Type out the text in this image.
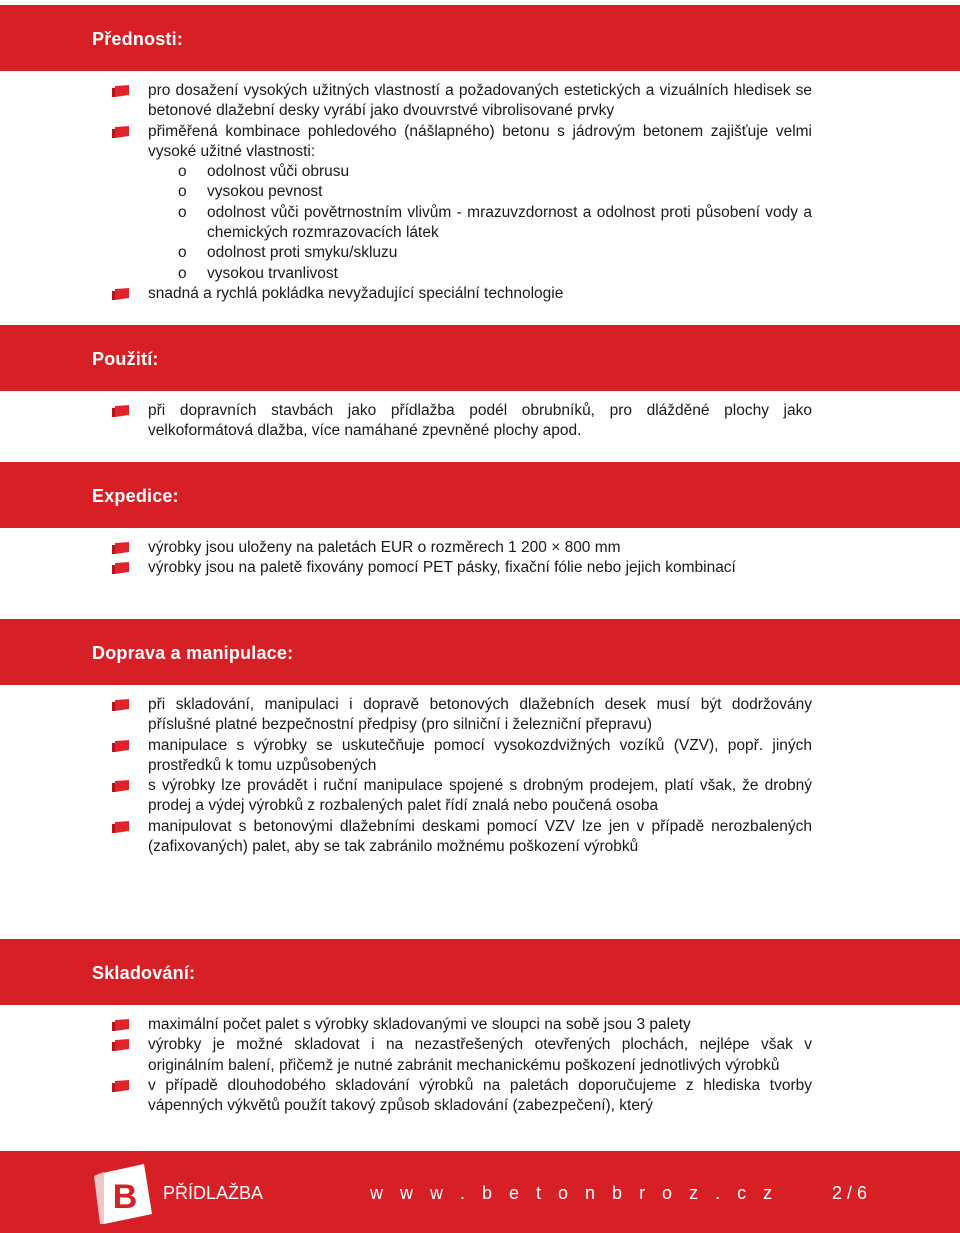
Přednosti:

pro dosažení vysokých užitných vlastností a požadovaných estetických a vizuálních hledisek se betonové dlažební desky vyrábí jako dvouvrstvé vibrolisované prvky

přiměřená kombinace pohledového (nášlapného) betonu s jádrovým betonem zajišťuje velmi vysoké užitné vlastnosti:

o odolnost vůči obrusu
o vysokou pevnost
o odolnost vůči povětrnostním vlivům - mrazuvzdornost a odolnost proti působení vody a chemických rozmrazovacích látek
o odolnost proti smyku/skluzu
o vysokou trvanlivost

snadná a rychlá pokládka nevyžadující speciální technologie

Použití:

při dopravních stavbách jako přídlažba podél obrubníků, pro dlážděné plochy jako velkoformátová dlažba, více namáhané zpevněné plochy apod.

Expedice:

výrobky jsou uloženy na paletách EUR o rozměrech 1 200 × 800 mm

výrobky jsou na paletě fixovány pomocí PET pásky, fixační fólie nebo jejich kombinací

Doprava a manipulace:

při skladování, manipulaci i dopravě betonových dlažebních desek musí být dodržovány příslušné platné bezpečnostní předpisy (pro silniční i železniční přepravu)

manipulace s výrobky se uskutečňuje pomocí vysokozdvižných vozíků (VZV), popř. jiných prostředků k tomu uzpůsobených

s výrobky lze provádět i ruční manipulace spojené s drobným prodejem, platí však, že drobný prodej a výdej výrobků z rozbalených palet řídí znalá nebo poučená osoba

manipulovat s betonovými dlažebními deskami pomocí VZV lze jen v případě nerozbalených (zafixovaných) palet, aby se tak zabránilo možnému poškození výrobků

Skladování:

maximální počet palet s výrobky skladovanými ve sloupci na sobě jsou 3 palety

výrobky je možné skladovat i na nezastřešených otevřených plochách, nejlépe však v originálním balení, přičemž je nutné zabránit mechanickému poškození jednotlivých výrobků

v případě dlouhodobého skladování výrobků na paletách doporučujeme z hlediska tvorby vápenných výkvětů použít takový způsob skladování (zabezpečení), který

B PŘÍDLAŽBA	w w w . b e t o n b r o z . c z	2 / 6
